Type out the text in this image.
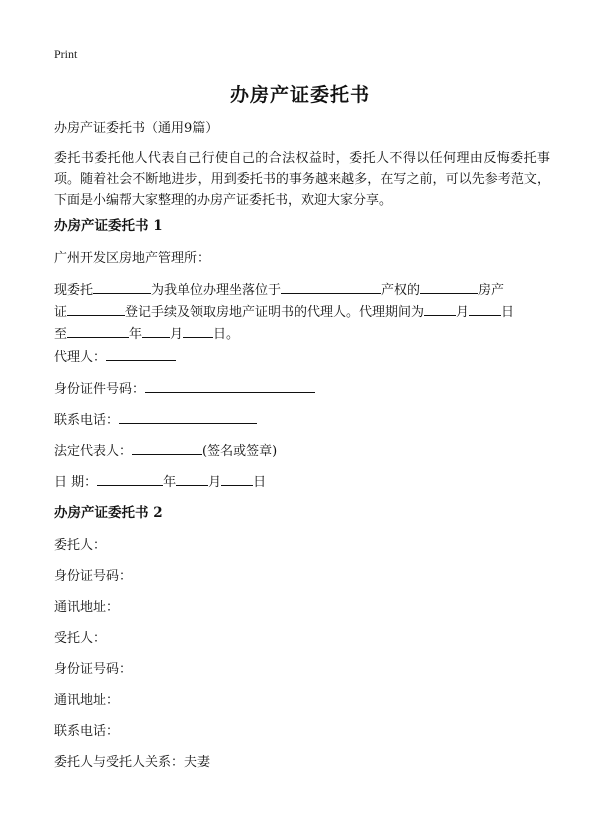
Print
办房产证委托书
办房产证委托书（通用9篇）
委托书委托他人代表自己行使自己的合法权益时，委托人不得以任何理由反悔委托事项。随着社会不断地进步，用到委托书的事务越来越多，在写之前，可以先参考范文，下面是小编帮大家整理的办房产证委托书，欢迎大家分享。
办房产证委托书 1
广州开发区房地产管理所：
现委托	为我单位办理坐落位于	产权的	房产
证	登记手续及领取房地产证明书的代理人。代理期间为 月 日
至	年 月 日。
代理人：
身份证件号码：
联系电话：
法定代表人：	(签名或签章)
日 期：	年 月 日
办房产证委托书 2
委托人：
身份证号码：
通讯地址：
受托人：
身份证号码：
通讯地址：
联系电话：
委托人与受托人关系：夫妻
